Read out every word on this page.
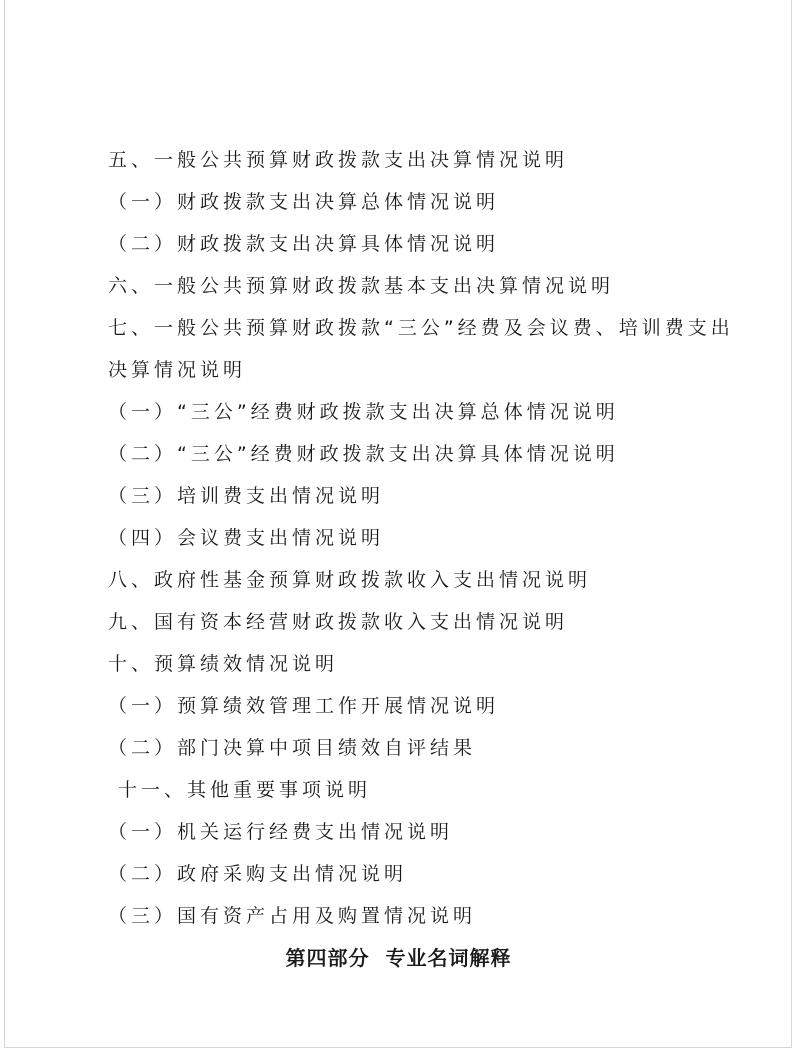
五、一般公共预算财政拨款支出决算情况说明
（一）财政拨款支出决算总体情况说明
（二）财政拨款支出决算具体情况说明
六、一般公共预算财政拨款基本支出决算情况说明
七、一般公共预算财政拨款“三公”经费及会议费、培训费支出
决算情况说明
（一）“三公”经费财政拨款支出决算总体情况说明
（二）“三公”经费财政拨款支出决算具体情况说明
（三）培训费支出情况说明
（四）会议费支出情况说明
八、政府性基金预算财政拨款收入支出情况说明
九、国有资本经营财政拨款收入支出情况说明
十、预算绩效情况说明
（一）预算绩效管理工作开展情况说明
（二）部门决算中项目绩效自评结果
十一、其他重要事项说明
（一）机关运行经费支出情况说明
（二）政府采购支出情况说明
（三）国有资产占用及购置情况说明
第四部分  专业名词解释
